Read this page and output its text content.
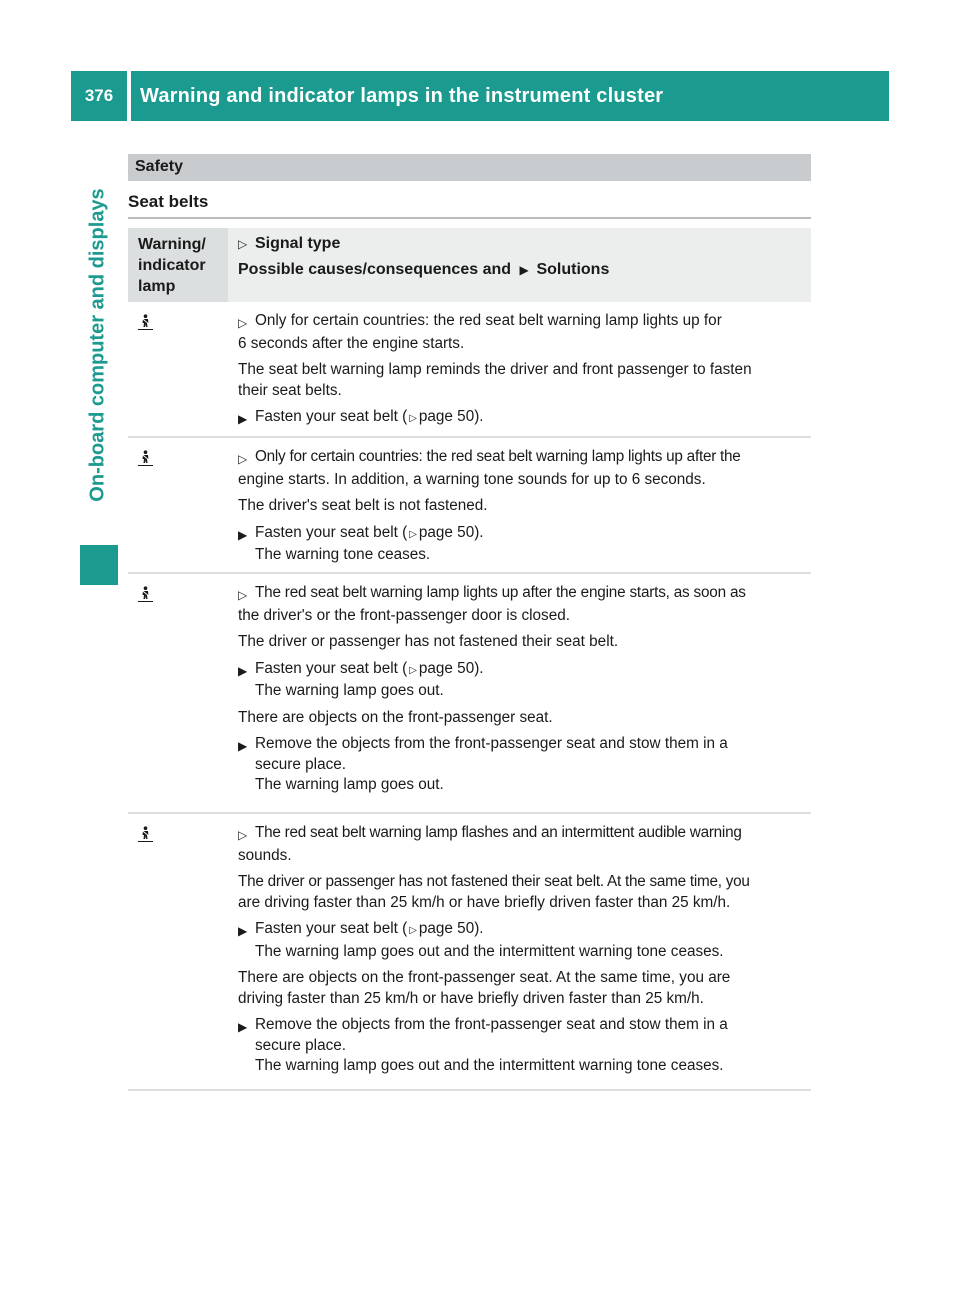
376	Warning and indicator lamps in the instrument cluster
On-board computer and displays
Safety
Seat belts
Warning/
indicator
lamp
▷ Signal type
Possible causes/consequences and ▶ Solutions
▷ Only for certain countries: the red seat belt warning lamp lights up for

6 seconds after the engine starts.

The seat belt warning lamp reminds the driver and front passenger to fasten
their seat belts.

▶ Fasten your seat belt ( ▷ page 50).
▷ Only for certain countries: the red seat belt warning lamp lights up after the

engine starts. In addition, a warning tone sounds for up to 6 seconds.

The driver's seat belt is not fastened.

▶ Fasten your seat belt ( ▷ page 50).
The warning tone ceases.
▷ The red seat belt warning lamp lights up after the engine starts, as soon as

the driver's or the front-passenger door is closed.

The driver or passenger has not fastened their seat belt.

▶ Fasten your seat belt ( ▷ page 50).
The warning lamp goes out.

There are objects on the front-passenger seat.

▶ Remove the objects from the front-passenger seat and stow them in a
secure place.
The warning lamp goes out.
▷ The red seat belt warning lamp flashes and an intermittent audible warning

sounds.

The driver or passenger has not fastened their seat belt. At the same time, you
are driving faster than 25 km/h or have briefly driven faster than 25 km/h.

▶ Fasten your seat belt ( ▷ page 50).
The warning lamp goes out and the intermittent warning tone ceases.

There are objects on the front-passenger seat. At the same time, you are
driving faster than 25 km/h or have briefly driven faster than 25 km/h.

▶ Remove the objects from the front-passenger seat and stow them in a
secure place.
The warning lamp goes out and the intermittent warning tone ceases.
